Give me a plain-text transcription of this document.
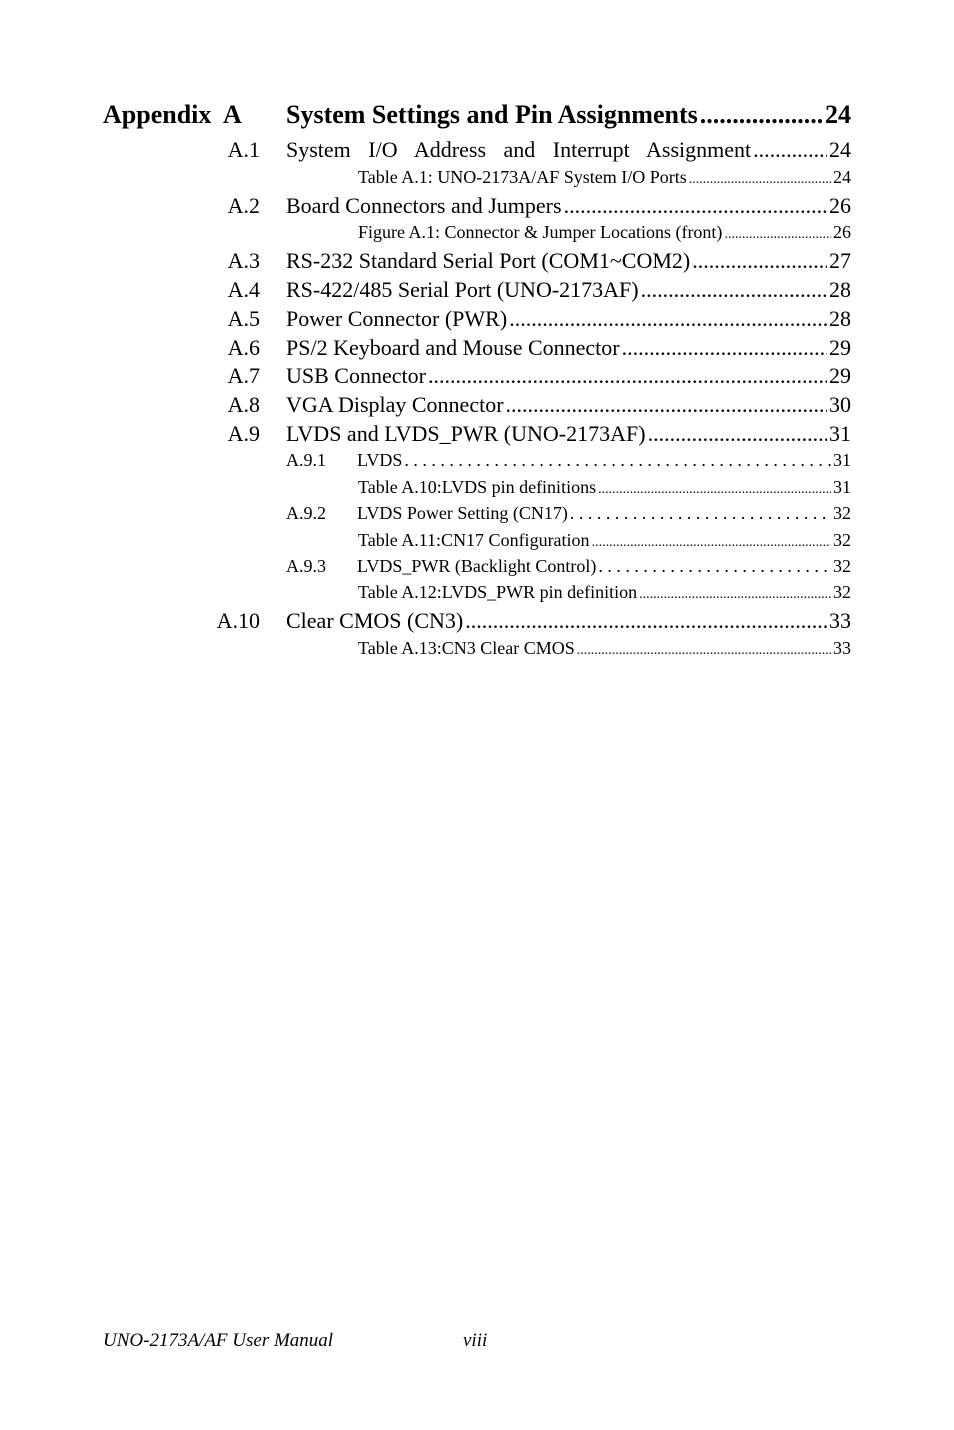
Appendix  A	System Settings and Pin Assignments .....	24
A.1	System I/O Address and Interrupt Assignment .....	24
Table A.1: UNO-2173A/AF System I/O Ports .....	24
A.2	Board Connectors and Jumpers .....	26
Figure A.1: Connector & Jumper Locations (front) .....	26
A.3	RS-232 Standard Serial Port (COM1~COM2) .....	27
A.4	RS-422/485 Serial Port (UNO-2173AF) .....	28
A.5	Power Connector (PWR) .....	28
A.6	PS/2 Keyboard and Mouse Connector .....	29
A.7	USB Connector .....	29
A.8	VGA Display Connector .....	30
A.9	LVDS and LVDS_PWR (UNO-2173AF) .....	31
A.9.1	LVDS . . .	31
Table A.10:LVDS pin definitions .....	31
A.9.2	LVDS Power Setting (CN17) . . .	32
Table A.11:CN17 Configuration .....	32
A.9.3	LVDS_PWR (Backlight Control) . . .	32
Table A.12:LVDS_PWR pin definition .....	32
A.10	Clear CMOS (CN3) .....	33
Table A.13:CN3 Clear CMOS .....	33
UNO-2173A/AF User Manual	viii
